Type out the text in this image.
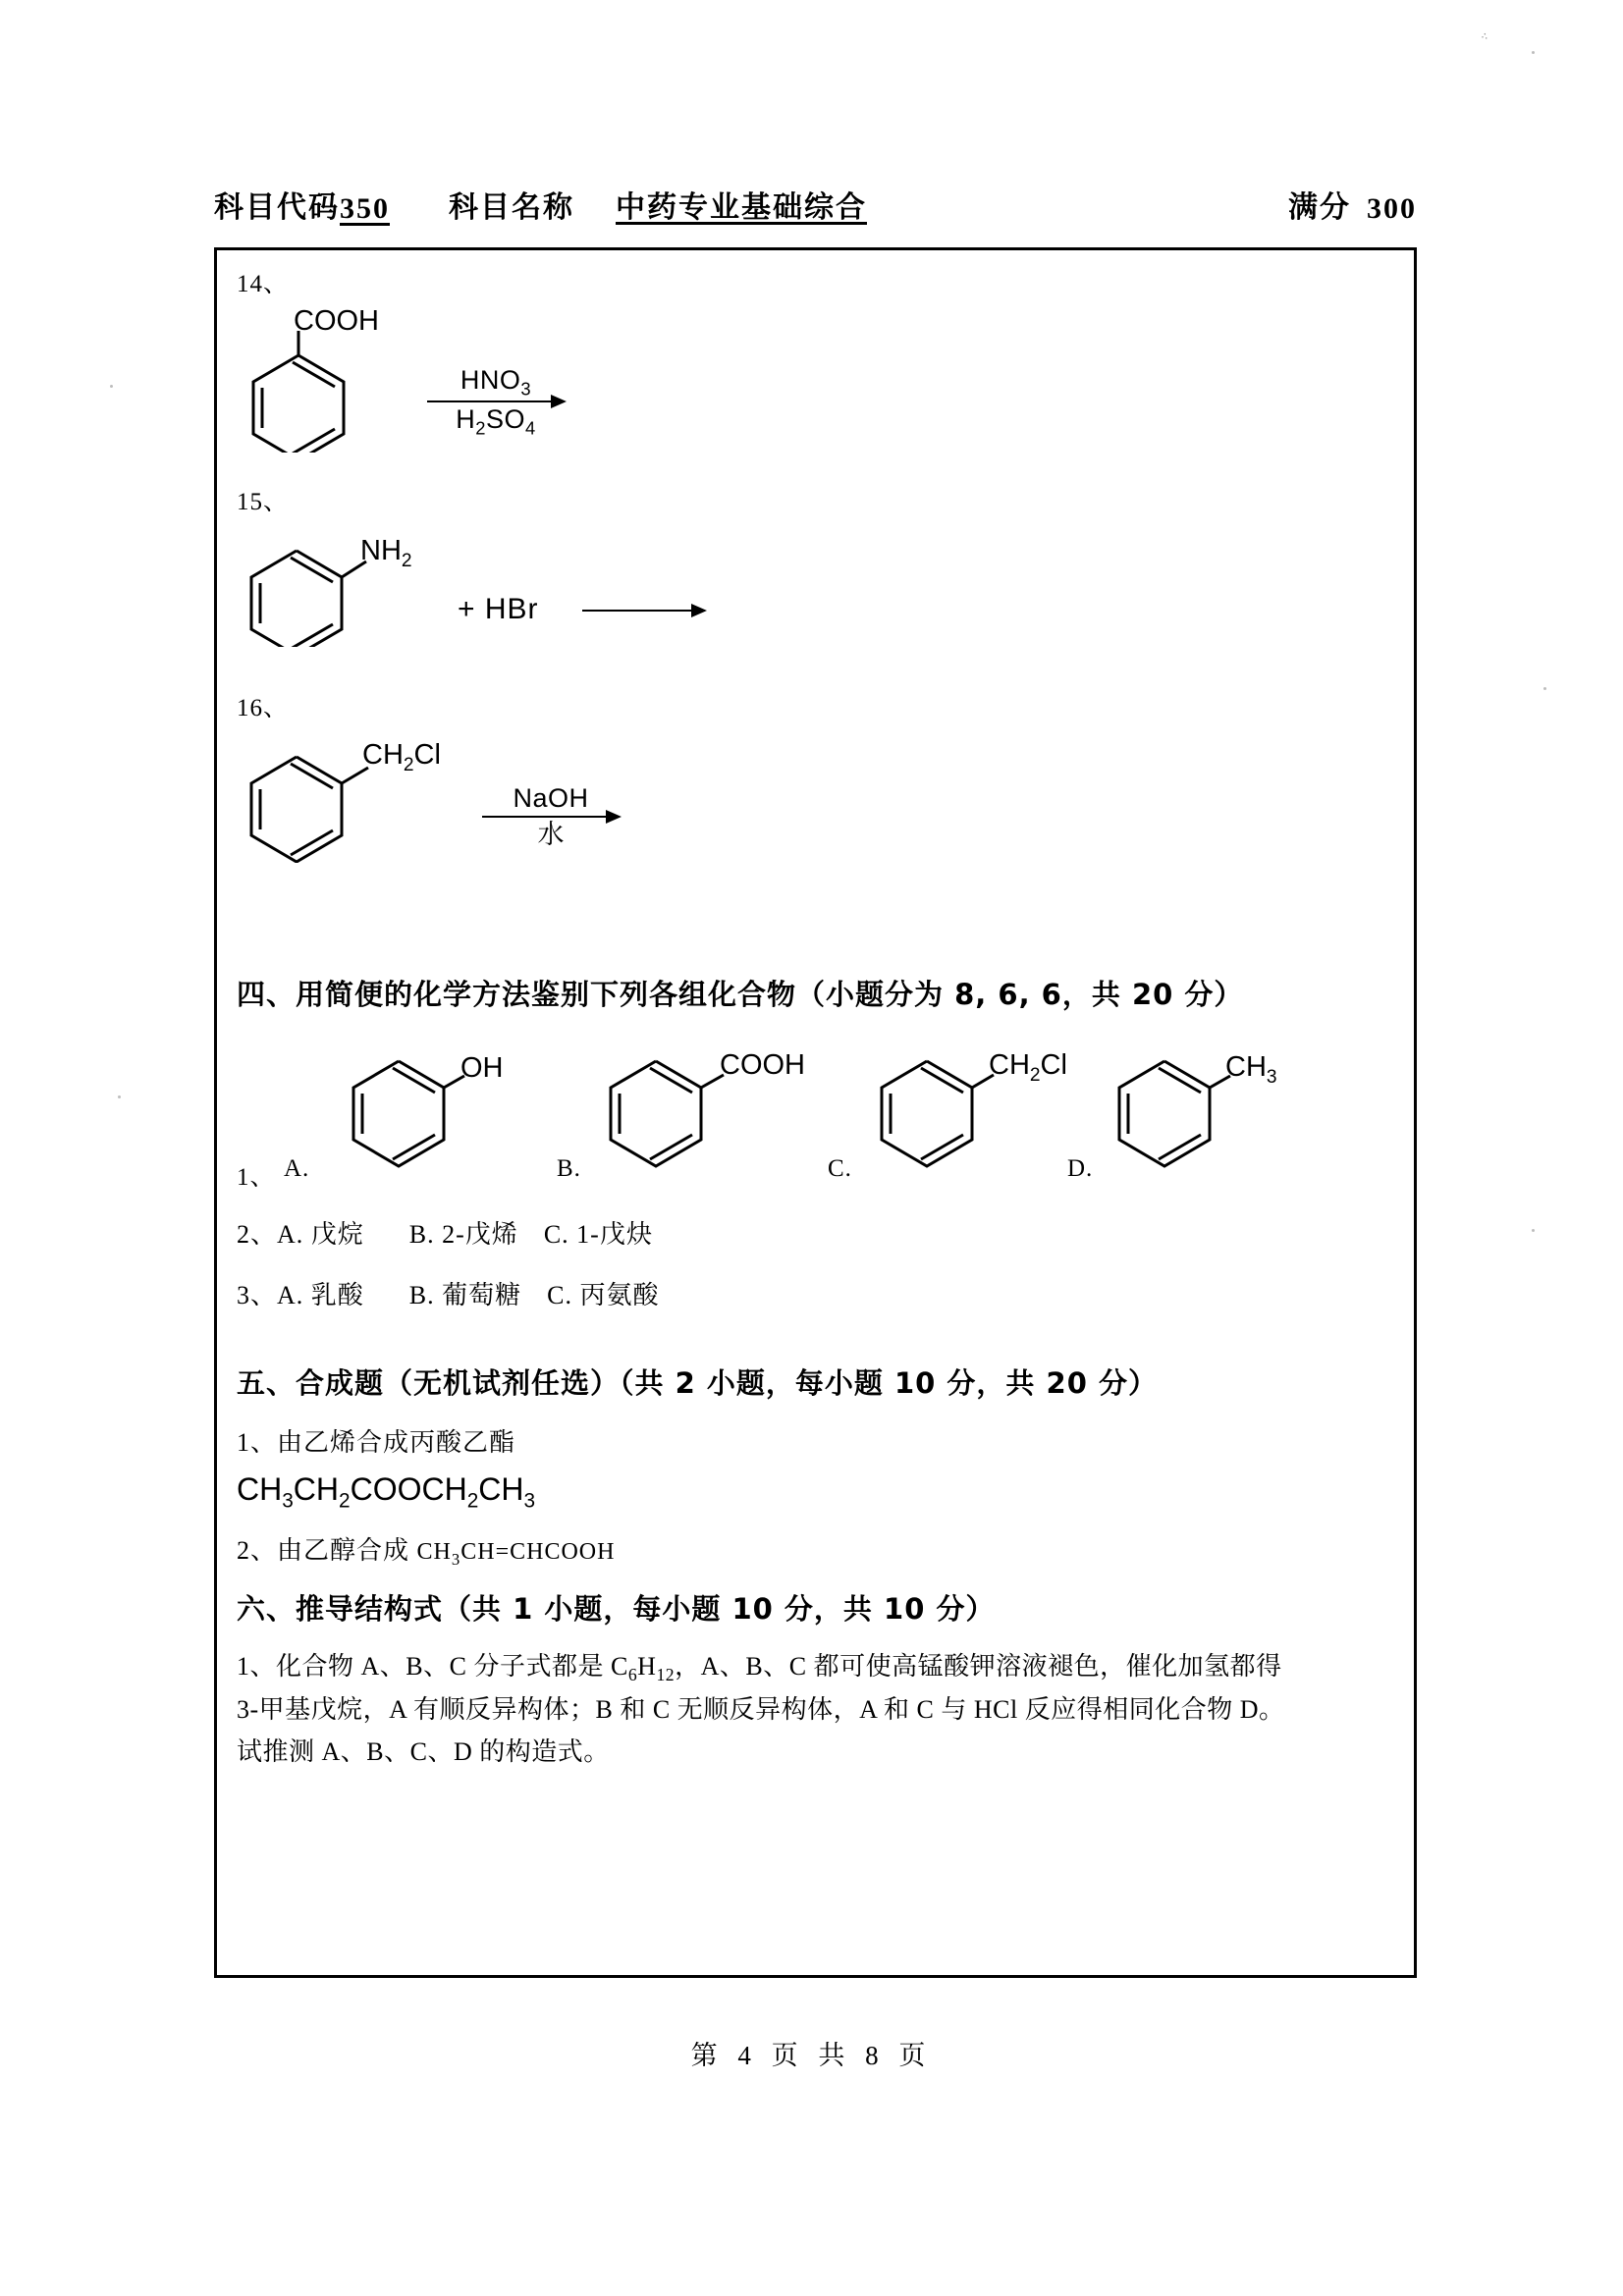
⁖
科目代码 350 科目名称 中药专业基础综合	满分 300
14、
COOH
$HNO_3$
$H_2SO_4$
15、
$NH_2$
+ HBr
16、
$CH_2Cl$
NaOH
水
四、用简便的化学方法鉴别下列各组化合物（小题分为 8, 6, 6，共 20 分）
1、 A.
OH
B.
COOH
C.
$CH_2Cl$
D.
$CH_3$
2、A. 戊烷 B. 2-戊烯 C. 1-戊炔
3、A. 乳酸 B. 葡萄糖 C. 丙氨酸
五、合成题（无机试剂任选）（共 2 小题，每小题 10 分，共 20 分）
1、由乙烯合成丙酸乙酯
$CH_3CH_2COOCH_2CH_3$
2、由乙醇合成 $CH_3CH=CHCOOH$
六、推导结构式（共 1 小题，每小题 10 分，共 10 分）
1、化合物 A、B、C 分子式都是 $C_6H_{12}$，A、B、C 都可使高锰酸钾溶液褪色，催化加氢都得
3-甲基戊烷，A 有顺反异构体；B 和 C 无顺反异构体，A 和 C 与 HCl 反应得相同化合物 D。
试推测 A、B、C、D 的构造式。
第 4 页 共 8 页
